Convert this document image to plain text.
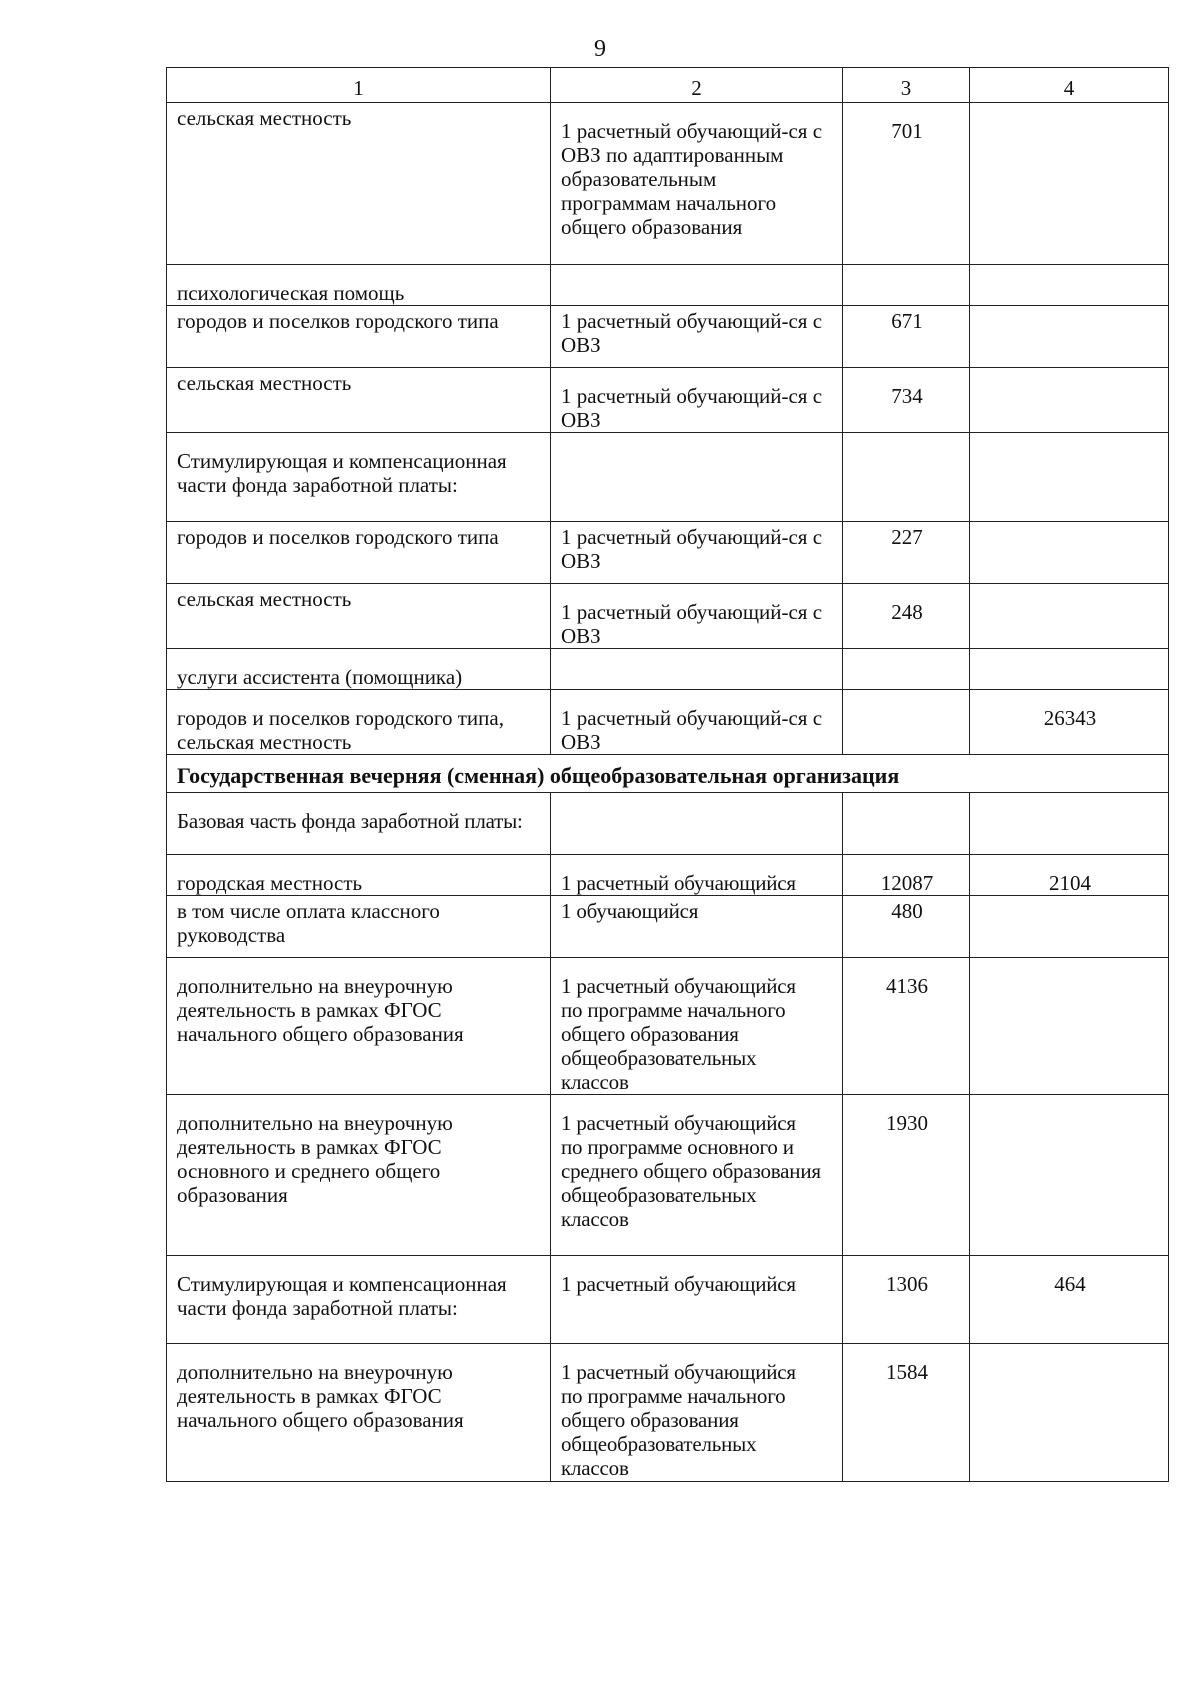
9
1	2	3	4
сельская местность	1 расчетный обучающий-ся с ОВЗ по адаптированным образовательным программам начального общего образования	701	
психологическая помощь			
городов и поселков городского типа	1 расчетный обучающий-ся с ОВЗ	671	
сельская местность	1 расчетный обучающий-ся с ОВЗ	734	
Стимулирующая и компенсационная части фонда заработной платы:			
городов и поселков городского типа	1 расчетный обучающий-ся с ОВЗ	227	
сельская местность	1 расчетный обучающий-ся с ОВЗ	248	
услуги ассистента (помощника)			
городов и поселков городского типа, сельская местность	1 расчетный обучающий-ся с ОВЗ		26343
Государственная вечерняя (сменная) общеобразовательная организация			
Базовая часть фонда заработной платы:			
городская местность	1 расчетный обучающийся	12087	2104
в том числе оплата классного руководства	1 обучающийся	480	
дополнительно на внеурочную деятельность в рамках ФГОС начального общего образования	1 расчетный обучающийся по программе начального общего образования общеобразовательных классов	4136	
дополнительно на внеурочную деятельность в рамках ФГОС основного и среднего общего образования	1 расчетный обучающийся по программе основного и среднего общего образования общеобразовательных классов	1930	
Стимулирующая и компенсационная части фонда заработной платы:	1 расчетный обучающийся	1306	464
дополнительно на внеурочную деятельность в рамках ФГОС начального общего образования	1 расчетный обучающийся по программе начального общего образования общеобразовательных классов	1584	
